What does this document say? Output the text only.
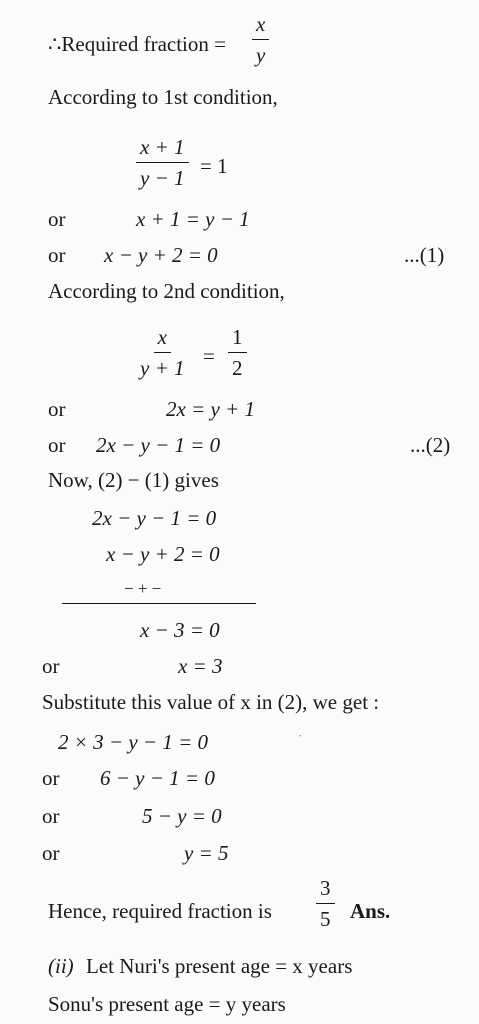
∴Required fraction = $\frac{x}{y}$
According to 1st condition,
$\frac{x + 1}{y - 1} = 1$
or	x + 1 = y − 1
or x − y + 2 = 0	...(1)
According to 2nd condition,
$\frac{x}{y + 1} = \frac{1}{2}$
or	2x = y + 1
or 2x − y − 1 = 0	...(2)
Now, (2) − (1) gives
2x − y − 1 = 0
x − y + 2 = 0
− + −
x − 3 = 0
or	x = 3
Substitute this value of x in (2), we get :
2 × 3 − y − 1 = 0	˙
or 6 − y − 1 = 0
or	5 − y = 0
or	y = 5
Hence, required fraction is $\frac{3}{5}$ Ans.
(ii) Let Nuri's present age = x years
Sonu's present age = y years
